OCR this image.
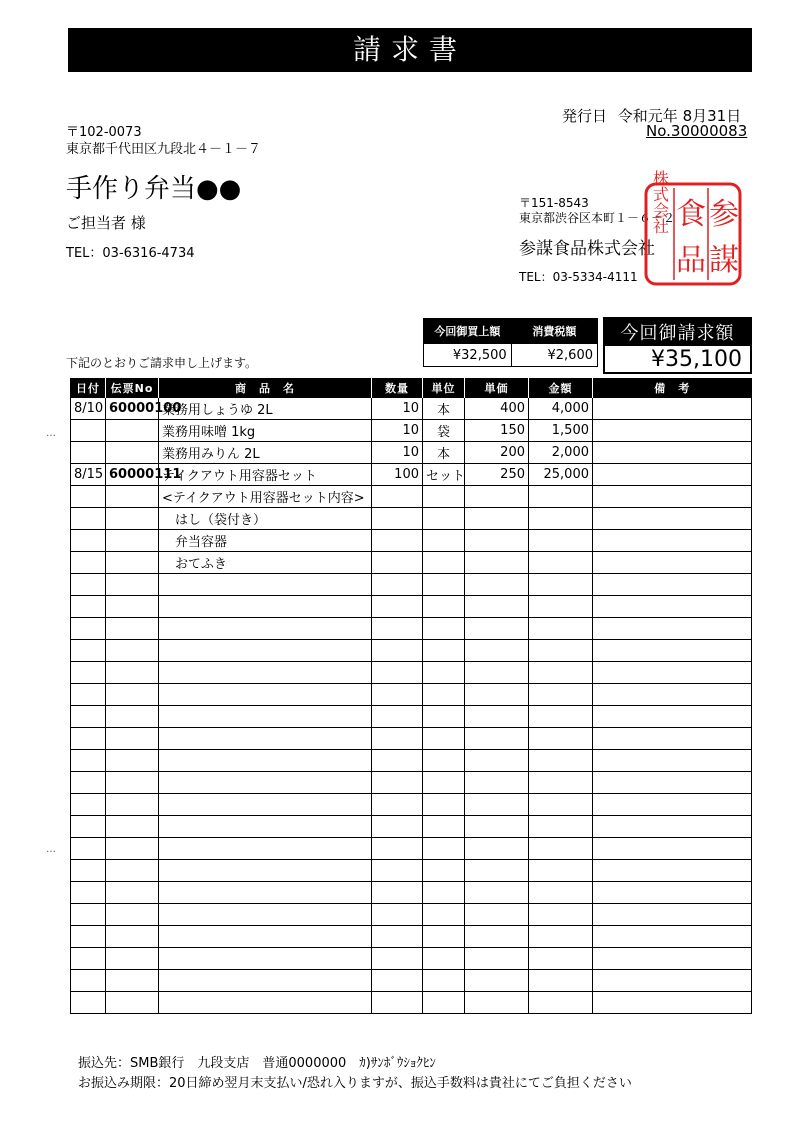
請求書
発行日 令和元年 8月31日
No.30000083
〒102-0073
東京都千代田区九段北４－１－７
手作り弁当●●
ご担当者 様
TEL：03-6316-4734
〒151-8543
東京都渋谷区本町１－６－２
参謀食品株式会社
TEL：03-5334-4111
参
謀
食
品
株式会社
下記のとおりご請求申し上げます。
今回御買上額	消費税額
¥32,500	¥2,600
今回御請求額
¥35,100
日付	伝票No	商　品　名	数量	単位	単価	金額	備　考
8/10	60000100	業務用しょうゆ 2L	10	本	400	4,000	
		業務用味噌 1kg	10	袋	150	1,500	
		業務用みりん 2L	10	本	200	2,000	
8/15	60000111	テイクアウト用容器セット	100	セット	250	25,000	
		<テイクアウト用容器セット内容>					
		　はし（袋付き）					
		　弁当容器					
		　おてふき					

…
…
振込先：SMB銀行　九段支店　普通0000000　ｶ)ｻﾝﾎﾞｳｼｮｸﾋﾝ
お振込み期限：20日締め翌月末支払い/恐れ入りますが、振込手数料は貴社にてご負担ください
